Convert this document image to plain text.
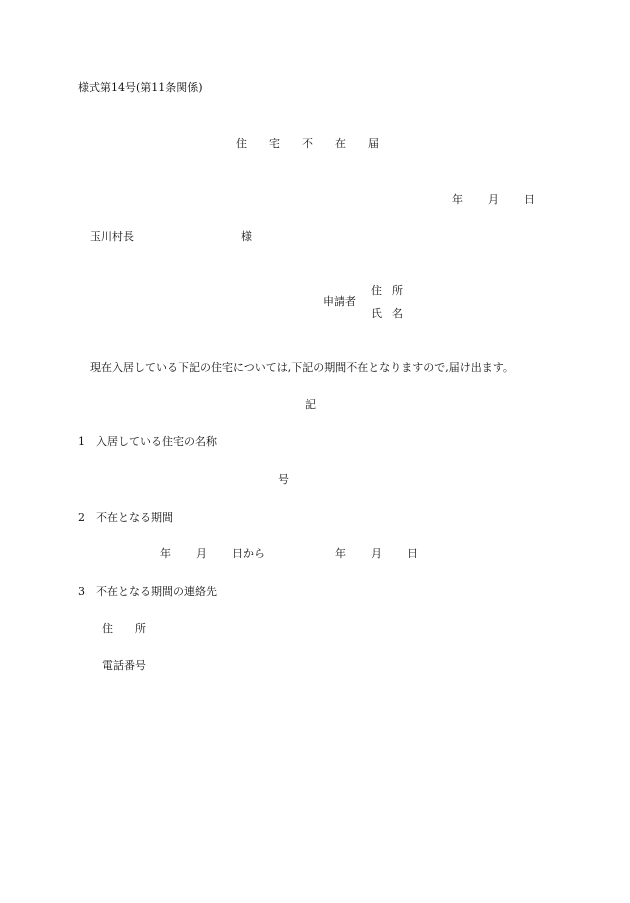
様式第14号(第11条関係)
住宅不在届
年 月 日
玉川村長	様
申請者
住所
氏名
現在入居している下記の住宅については,下記の期間不在となりますので,届け出ます。
記
1　入居している住宅の名称
号
2　不在となる期間
年 月 日から	年 月 日
3　不在となる期間の連絡先
住所
電話番号
